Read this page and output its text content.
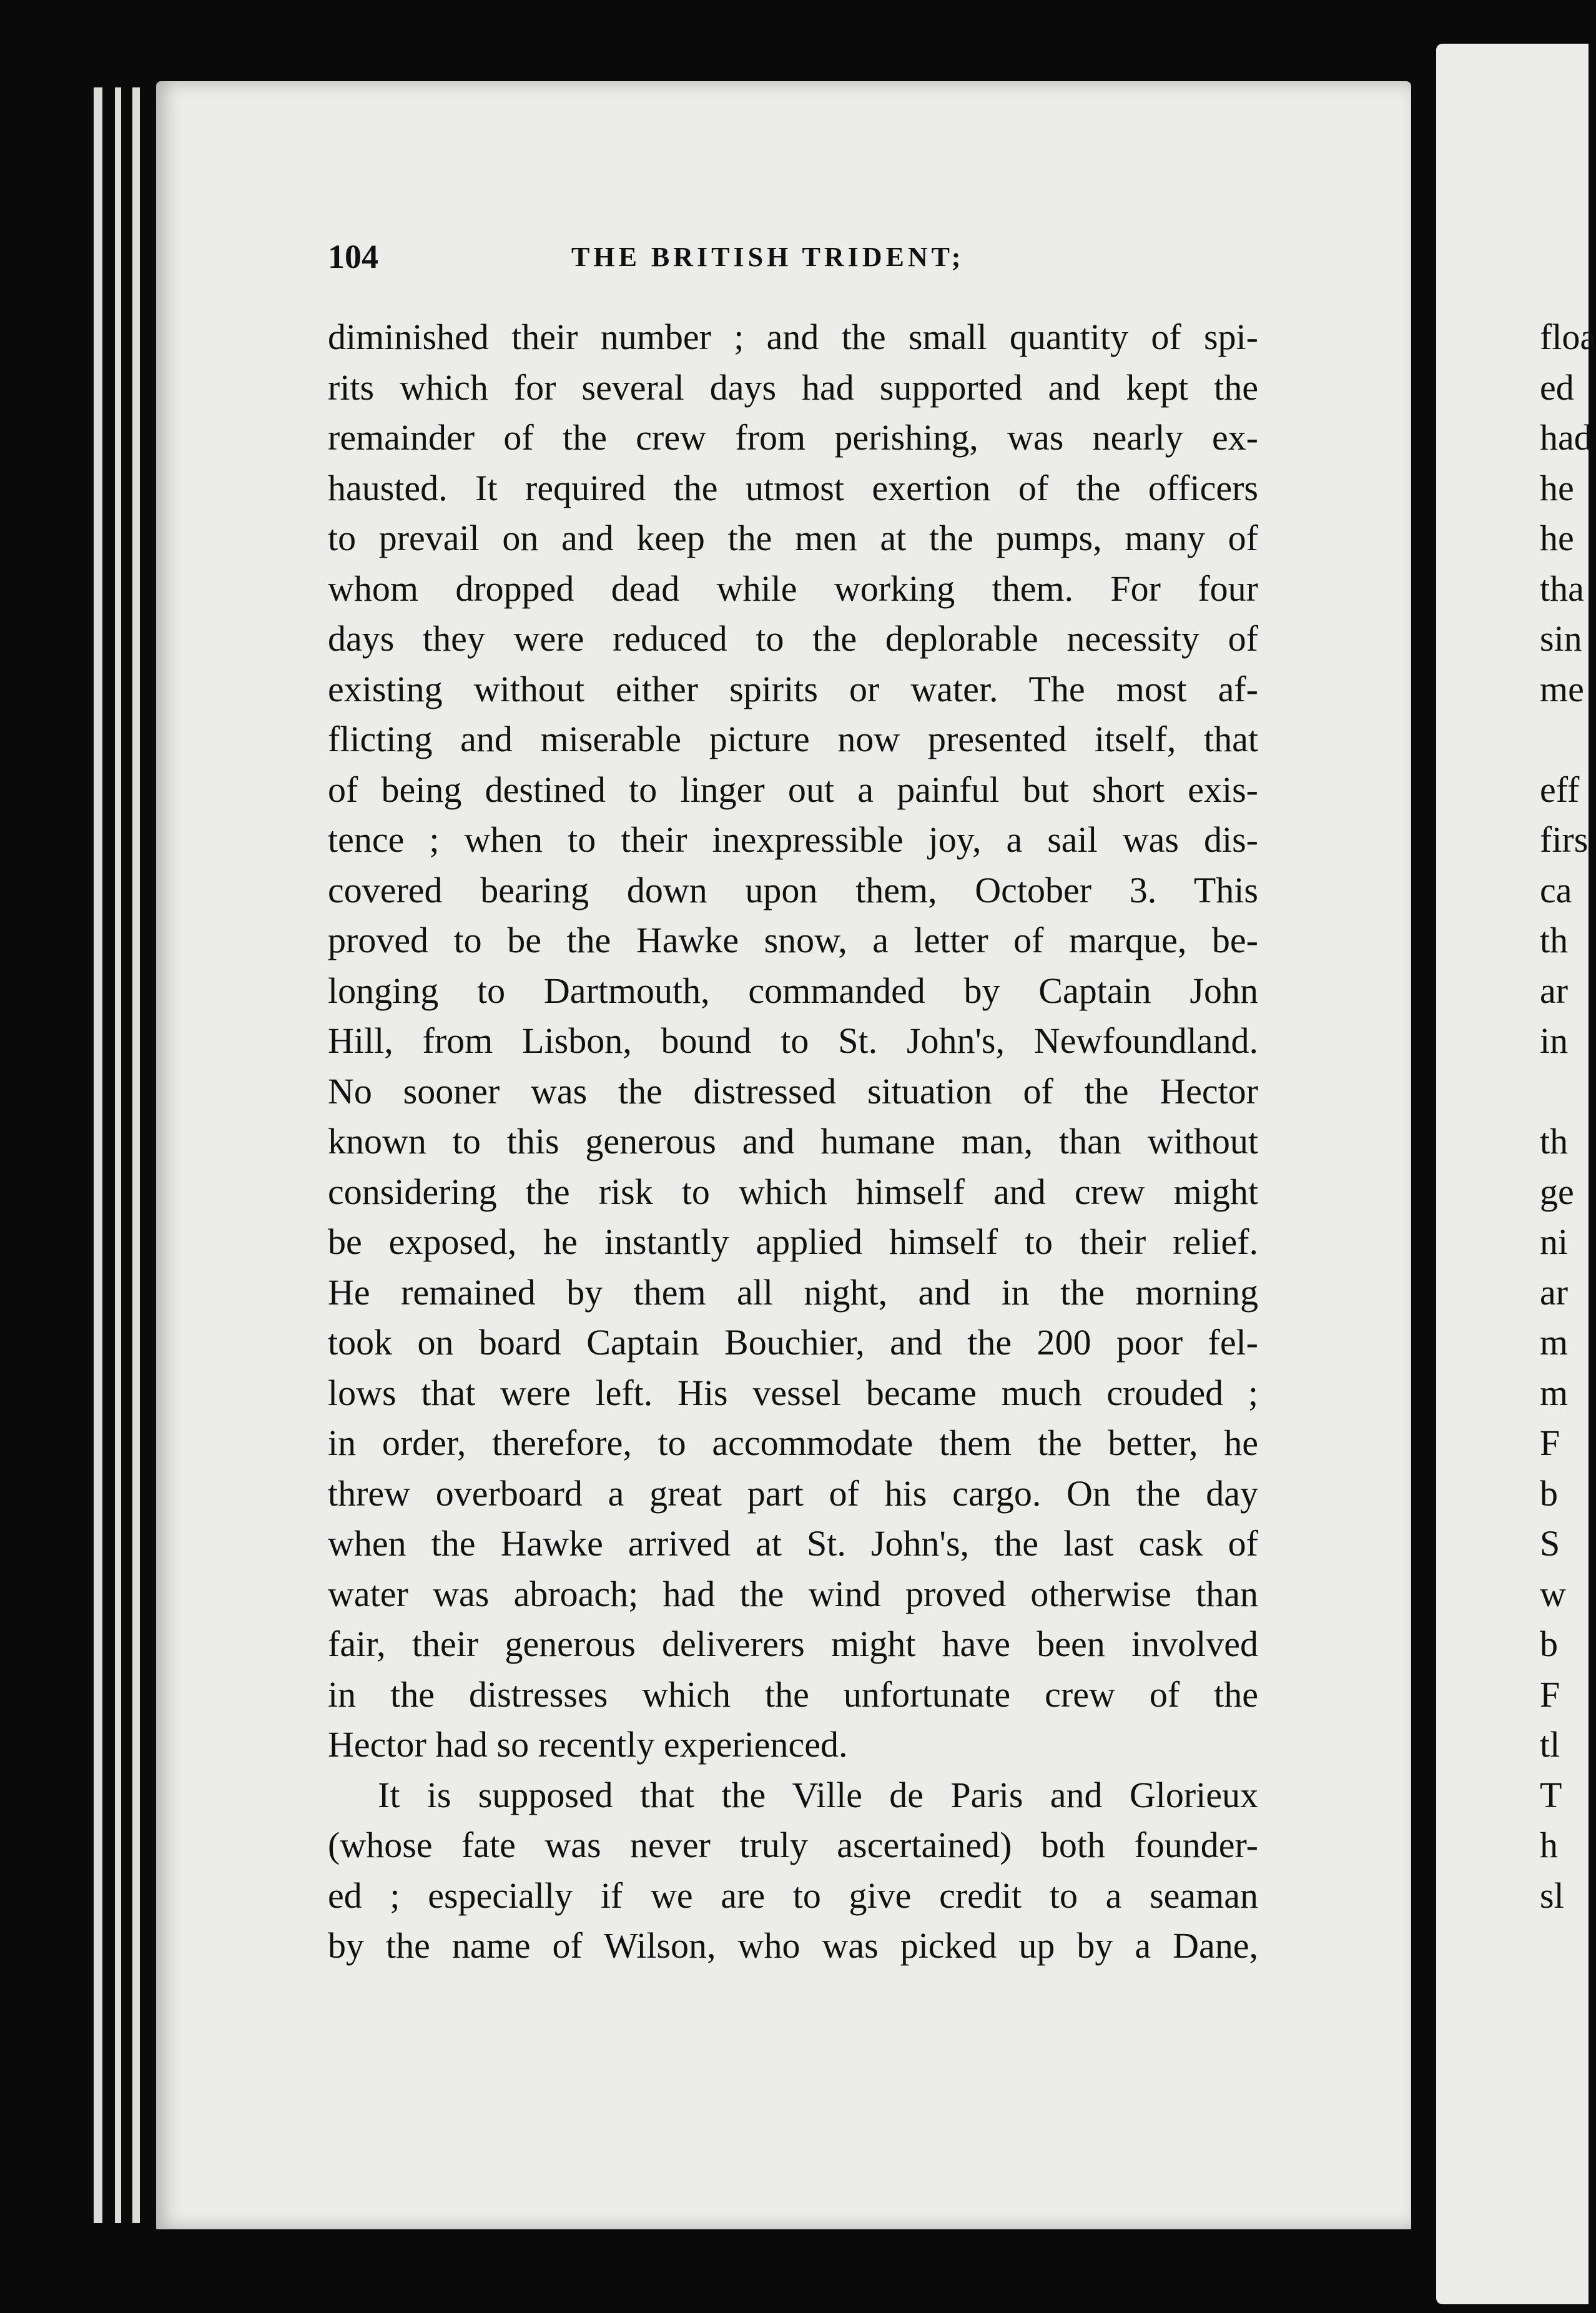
104	THE BRITISH TRIDENT;
diminished their number ; and the small quantity of spi-
rits which for several days had supported and kept the
remainder of the crew from perishing, was nearly ex-
hausted. It required the utmost exertion of the officers
to prevail on and keep the men at the pumps, many of
whom dropped dead while working them. For four
days they were reduced to the deplorable necessity of
existing without either spirits or water. The most af-
flicting and miserable picture now presented itself, that
of being destined to linger out a painful but short exis-
tence ; when to their inexpressible joy, a sail was dis-
covered bearing down upon them, October 3. This
proved to be the Hawke snow, a letter of marque, be-
longing to Dartmouth, commanded by Captain John
Hill, from Lisbon, bound to St. John's, Newfoundland.
No sooner was the distressed situation of the Hector
known to this generous and humane man, than without
considering the risk to which himself and crew might
be exposed, he instantly applied himself to their relief.
He remained by them all night, and in the morning
took on board Captain Bouchier, and the 200 poor fel-
lows that were left. His vessel became much crouded ;
in order, therefore, to accommodate them the better, he
threw overboard a great part of his cargo. On the day
when the Hawke arrived at St. John's, the last cask of
water was abroach; had the wind proved otherwise than
fair, their generous deliverers might have been involved
in the distresses which the unfortunate crew of the
Hector had so recently experienced.
It is supposed that the Ville de Paris and Glorieux
(whose fate was never truly ascertained) both founder-
ed ; especially if we are to give credit to a seaman
by the name of Wilson, who was picked up by a Dane,
floa
ed
had
he
he
tha
sin
me
eff
firs
ca
th
ar
in
th
ge
ni
ar
m
m
F
b
S
w
b
F
tl
T
h
sl
